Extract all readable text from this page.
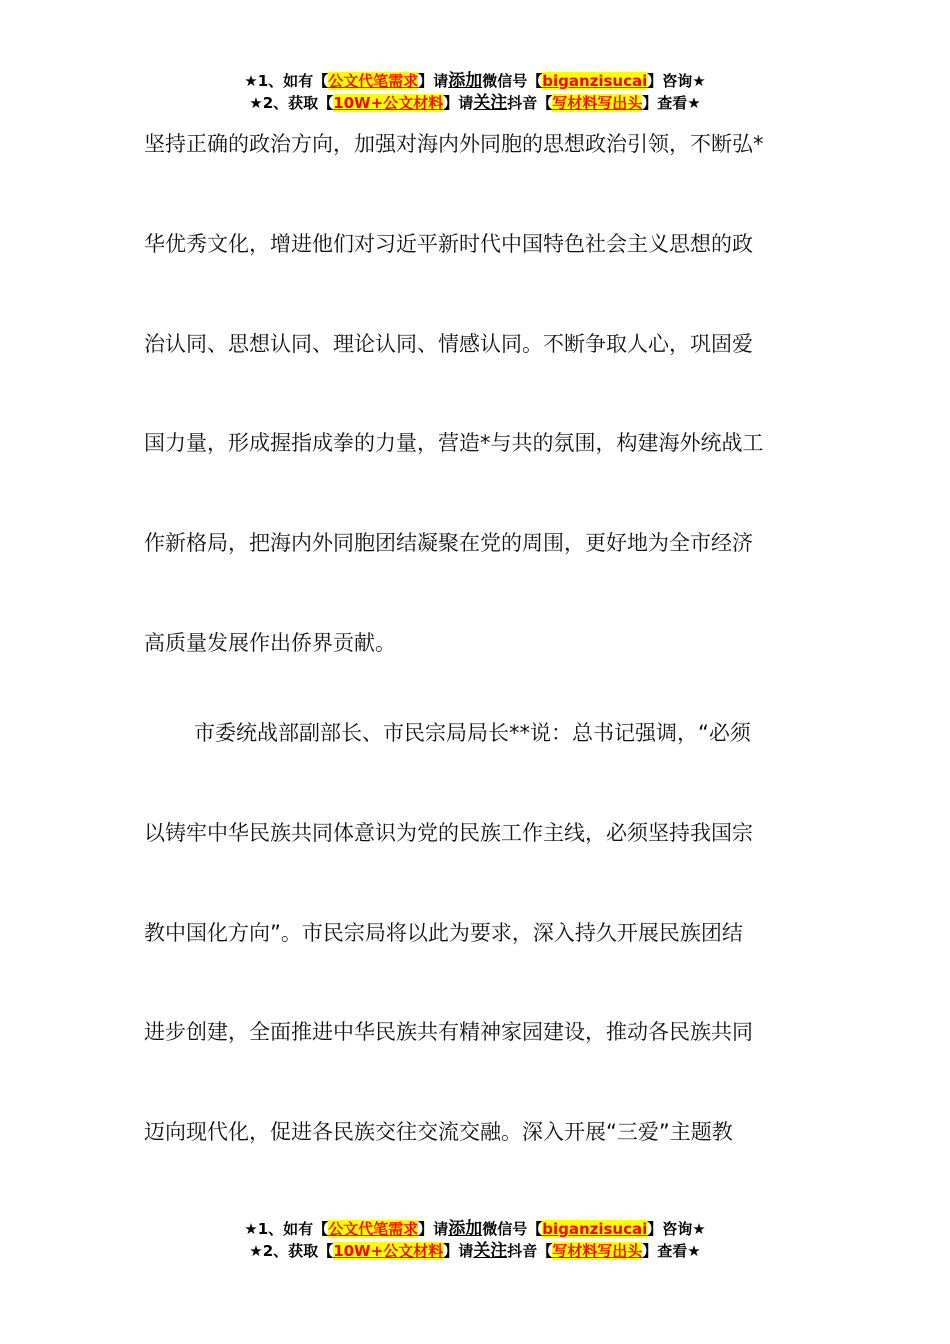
★1、如有【公文代笔需求】请添加微信号【biganzisucai】咨询★
★2、获取【10W+公文材料】请关注抖音【写材料写出头】查看★
坚持正确的政治方向，加强对海内外同胞的思想政治引领，不断弘*
华优秀文化，增进他们对习近平新时代中国特色社会主义思想的政
治认同、思想认同、理论认同、情感认同。不断争取人心，巩固爱
国力量，形成握指成拳的力量，营造*与共的氛围，构建海外统战工
作新格局，把海内外同胞团结凝聚在党的周围，更好地为全市经济
高质量发展作出侨界贡献。
市委统战部副部长、市民宗局局长**说：总书记强调，“必须
以铸牢中华民族共同体意识为党的民族工作主线，必须坚持我国宗
教中国化方向”。市民宗局将以此为要求，深入持久开展民族团结
进步创建，全面推进中华民族共有精神家园建设，推动各民族共同
迈向现代化，促进各民族交往交流交融。深入开展“三爱”主题教
★1、如有【公文代笔需求】请添加微信号【biganzisucai】咨询★
★2、获取【10W+公文材料】请关注抖音【写材料写出头】查看★
